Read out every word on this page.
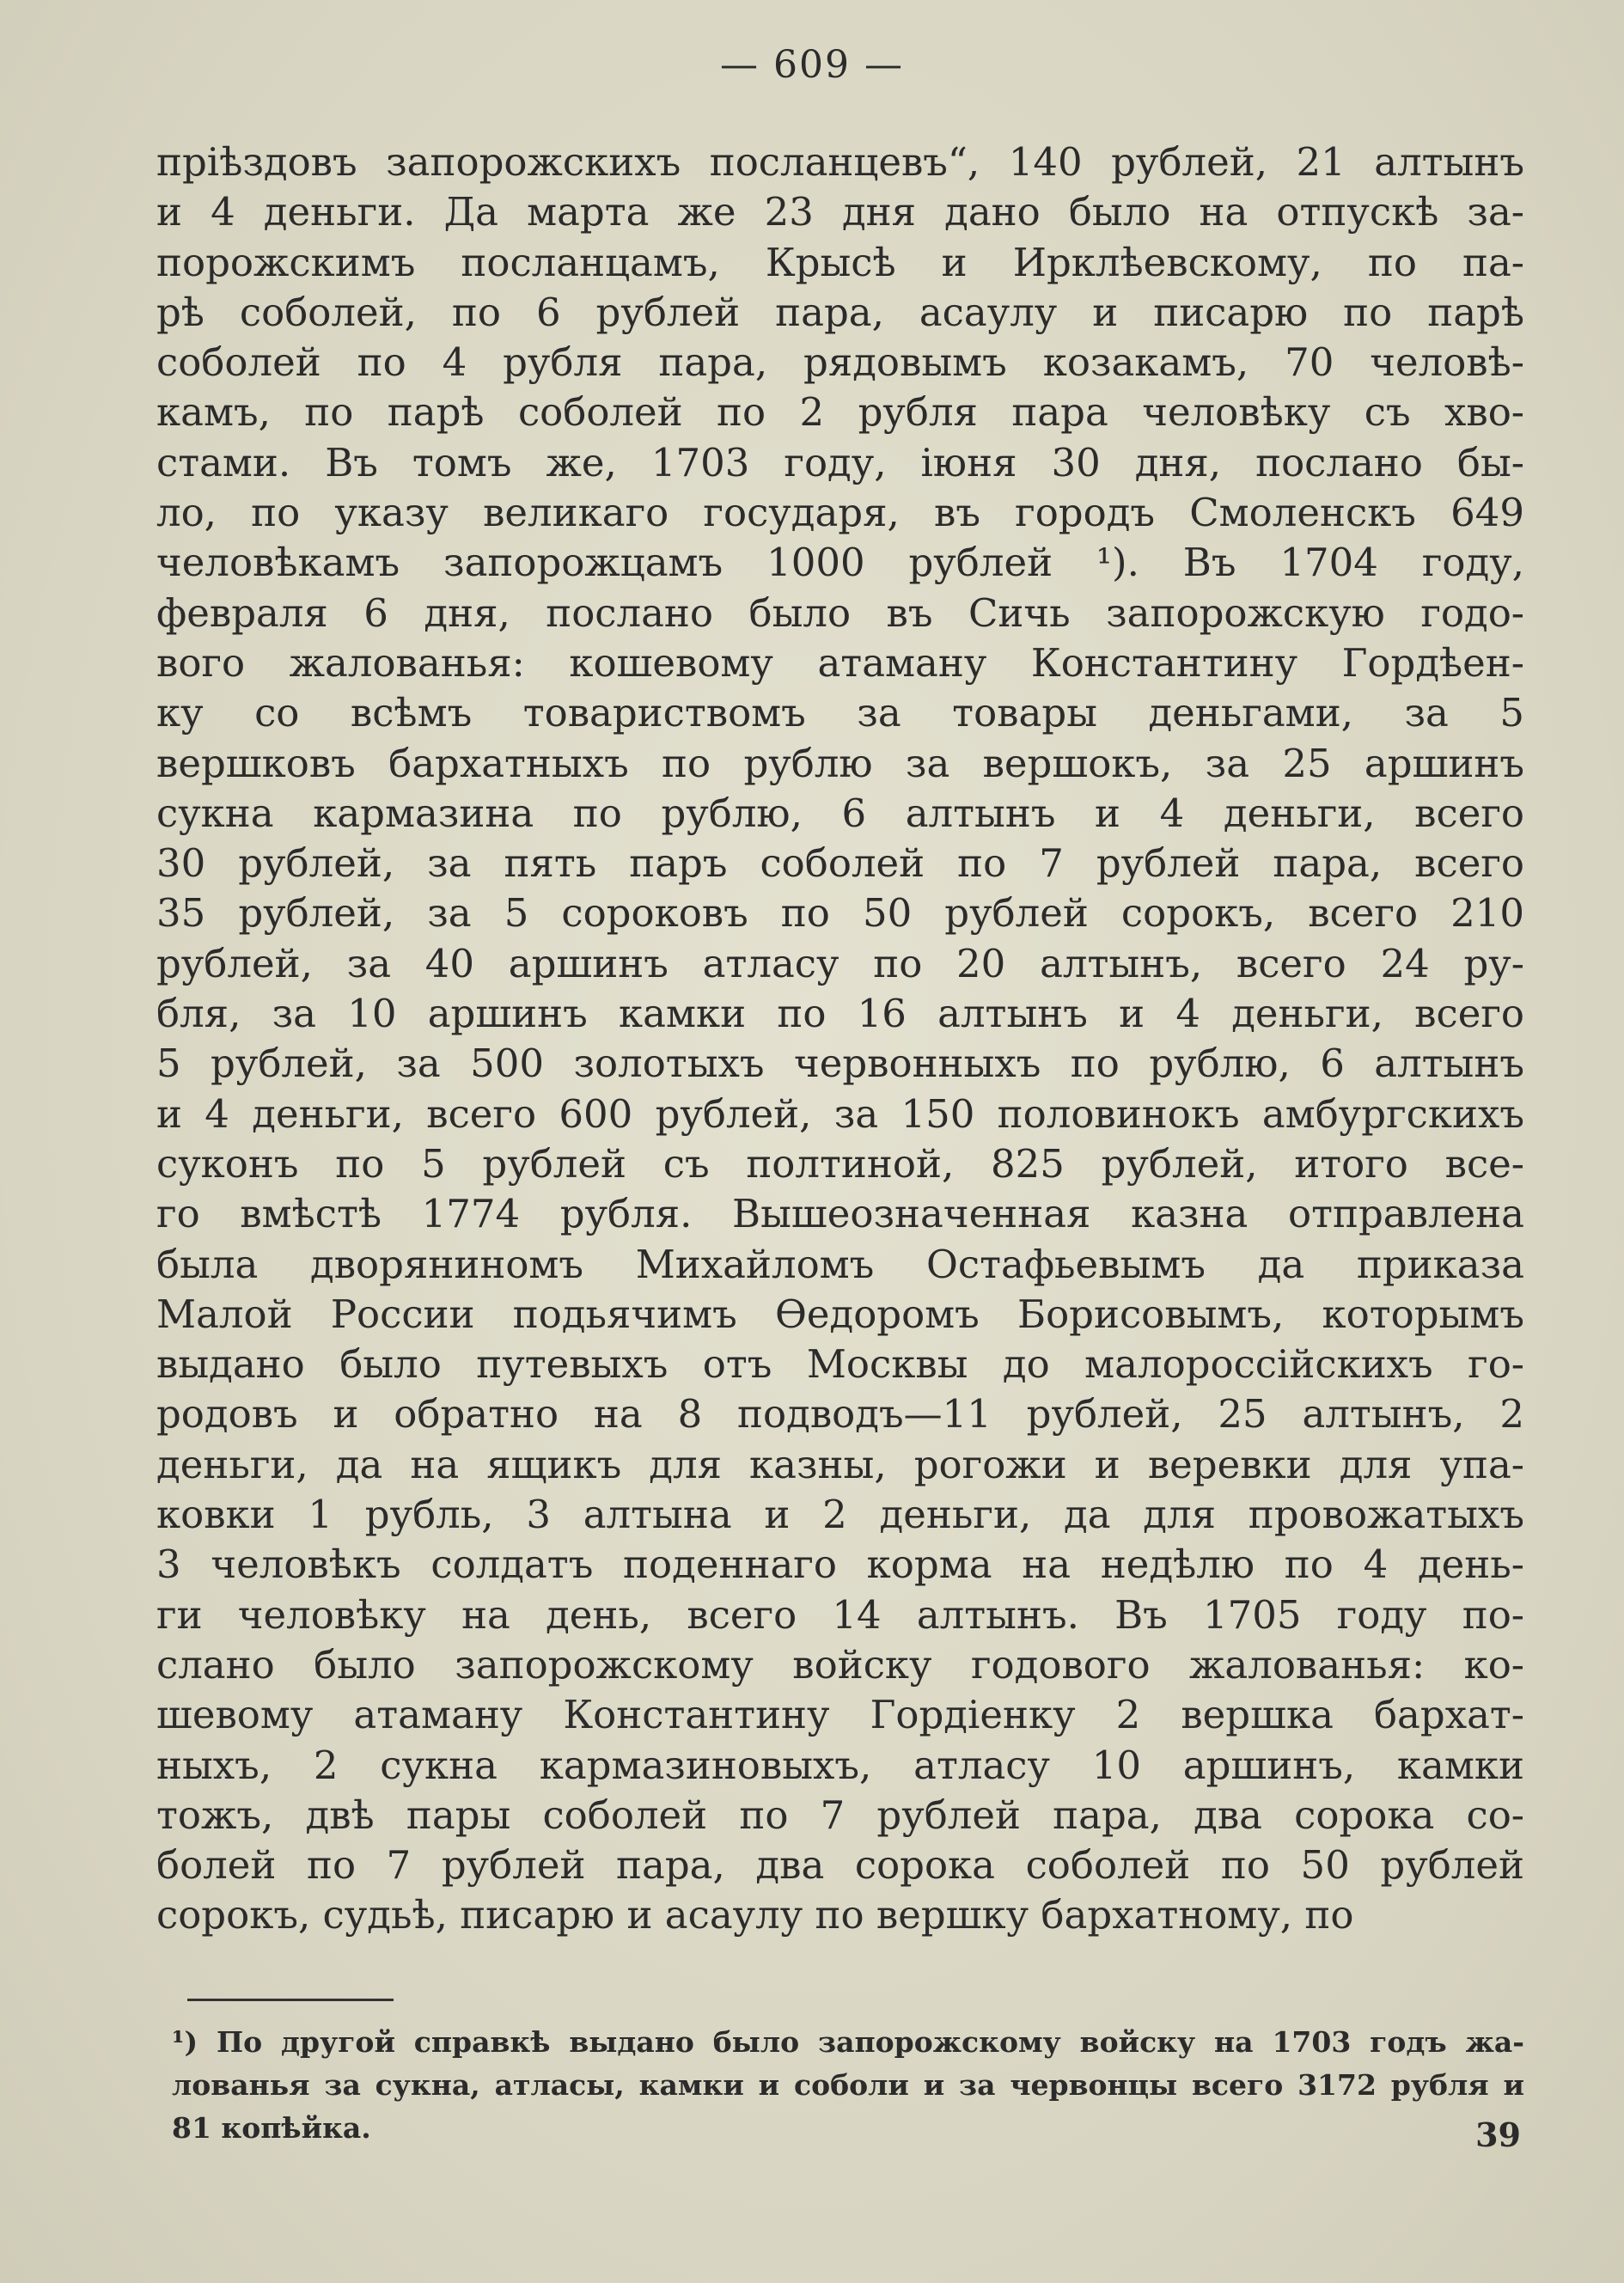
— 609 —
пріѣздовъ запорожскихъ посланцевъ“, 140 рублей, 21 алтынъ
и 4 деньги. Да марта же 23 дня дано было на отпускѣ за-
порожскимъ посланцамъ, Крысѣ и Ирклѣевскому, по па-
рѣ соболей, по 6 рублей пара, асаулу и писарю по парѣ
соболей по 4 рубля пара, рядовымъ козакамъ, 70 человѣ-
камъ, по парѣ соболей по 2 рубля пара человѣку съ хво-
стами. Въ томъ же, 1703 году, іюня 30 дня, послано бы-
ло, по указу великаго государя, въ городъ Смоленскъ 649
человѣкамъ запорожцамъ 1000 рублей ¹). Въ 1704 году,
февраля 6 дня, послано было въ Сичь запорожскую годо-
вого жалованья: кошевому атаману Константину Гордѣен-
ку со всѣмъ товариствомъ за товары деньгами, за 5
вершковъ бархатныхъ по рублю за вершокъ, за 25 аршинъ
сукна кармазина по рублю, 6 алтынъ и 4 деньги, всего
30 рублей, за пять паръ соболей по 7 рублей пара, всего
35 рублей, за 5 сороковъ по 50 рублей сорокъ, всего 210
рублей, за 40 аршинъ атласу по 20 алтынъ, всего 24 ру-
бля, за 10 аршинъ камки по 16 алтынъ и 4 деньги, всего
5 рублей, за 500 золотыхъ червонныхъ по рублю, 6 алтынъ
и 4 деньги, всего 600 рублей, за 150 половинокъ амбургскихъ
суконъ по 5 рублей съ полтиной, 825 рублей, итого все-
го вмѣстѣ 1774 рубля. Вышеозначенная казна отправлена
была дворяниномъ Михайломъ Остафьевымъ да приказа
Малой России подьячимъ Ѳедоромъ Борисовымъ, которымъ
выдано было путевыхъ отъ Москвы до малороссійскихъ го-
родовъ и обратно на 8 подводъ—11 рублей, 25 алтынъ, 2
деньги, да на ящикъ для казны, рогожи и веревки для упа-
ковки 1 рубль, 3 алтына и 2 деньги, да для провожатыхъ
3 человѣкъ солдатъ поденнаго корма на недѣлю по 4 день-
ги человѣку на день, всего 14 алтынъ. Въ 1705 году по-
слано было запорожскому войску годового жалованья: ко-
шевому атаману Константину Гордіенку 2 вершка бархат-
ныхъ, 2 сукна кармазиновыхъ, атласу 10 аршинъ, камки
тожъ, двѣ пары соболей по 7 рублей пара, два сорока со-
болей по 7 рублей пара, два сорока соболей по 50 рублей
сорокъ, судьѣ, писарю и асаулу по вершку бархатному, по
¹) По другой справкѣ выдано было запорожскому войску на 1703 годъ жа-
лованья за сукна, атласы, камки и соболи и за червонцы всего 3172 рубля и
81 копѣйка.	39
